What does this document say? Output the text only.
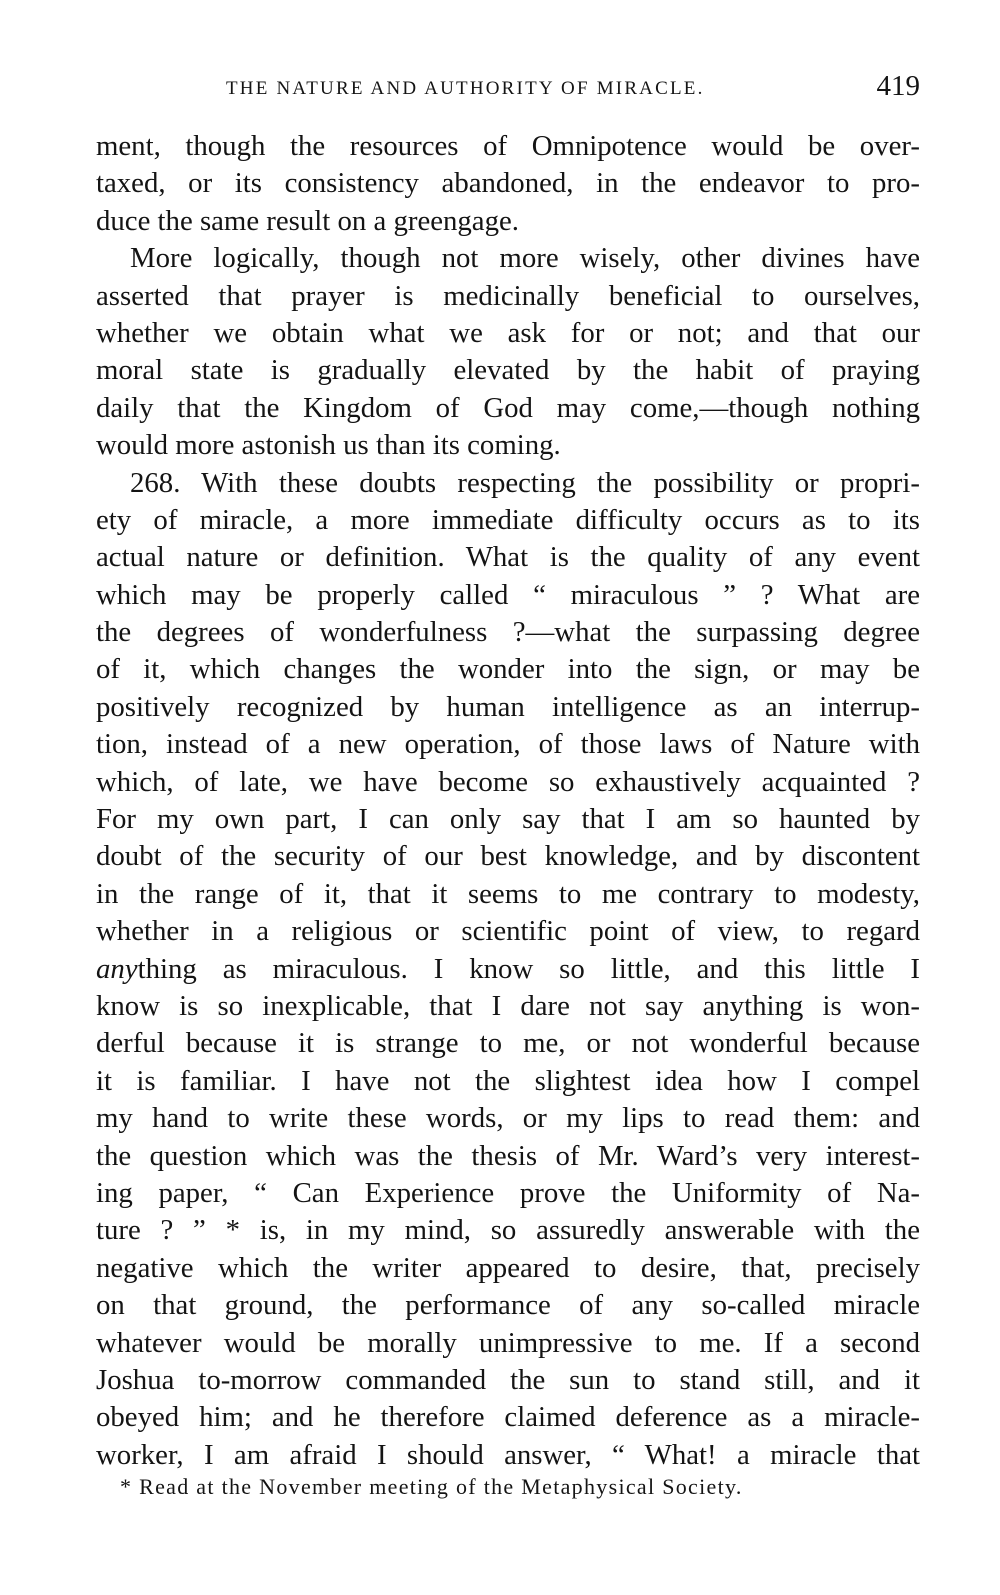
THE NATURE AND AUTHORITY OF MIRACLE.	419
ment, though the resources of Omnipotence would be over-
taxed, or its consistency abandoned, in the endeavor to pro-
duce the same result on a greengage.
More logically, though not more wisely, other divines have
asserted that prayer is medicinally beneficial to ourselves,
whether we obtain what we ask for or not; and that our
moral state is gradually elevated by the habit of praying
daily that the Kingdom of God may come,—though nothing
would more astonish us than its coming.
268. With these doubts respecting the possibility or propri-
ety of miracle, a more immediate difficulty occurs as to its
actual nature or definition. What is the quality of any event
which may be properly called “ miraculous ” ? What are
the degrees of wonderfulness ?—what the surpassing degree
of it, which changes the wonder into the sign, or may be
positively recognized by human intelligence as an interrup-
tion, instead of a new operation, of those laws of Nature with
which, of late, we have become so exhaustively acquainted ?
For my own part, I can only say that I am so haunted by
doubt of the security of our best knowledge, and by discontent
in the range of it, that it seems to me contrary to modesty,
whether in a religious or scientific point of view, to regard
anything as miraculous. I know so little, and this little I
know is so inexplicable, that I dare not say anything is won-
derful because it is strange to me, or not wonderful because
it is familiar. I have not the slightest idea how I compel
my hand to write these words, or my lips to read them: and
the question which was the thesis of Mr. Ward’s very interest-
ing paper, “ Can Experience prove the Uniformity of Na-
ture ? ” * is, in my mind, so assuredly answerable with the
negative which the writer appeared to desire, that, precisely
on that ground, the performance of any so-called miracle
whatever would be morally unimpressive to me. If a second
Joshua to-morrow commanded the sun to stand still, and it
obeyed him; and he therefore claimed deference as a miracle-
worker, I am afraid I should answer, “ What! a miracle that
* Read at the November meeting of the Metaphysical Society.
